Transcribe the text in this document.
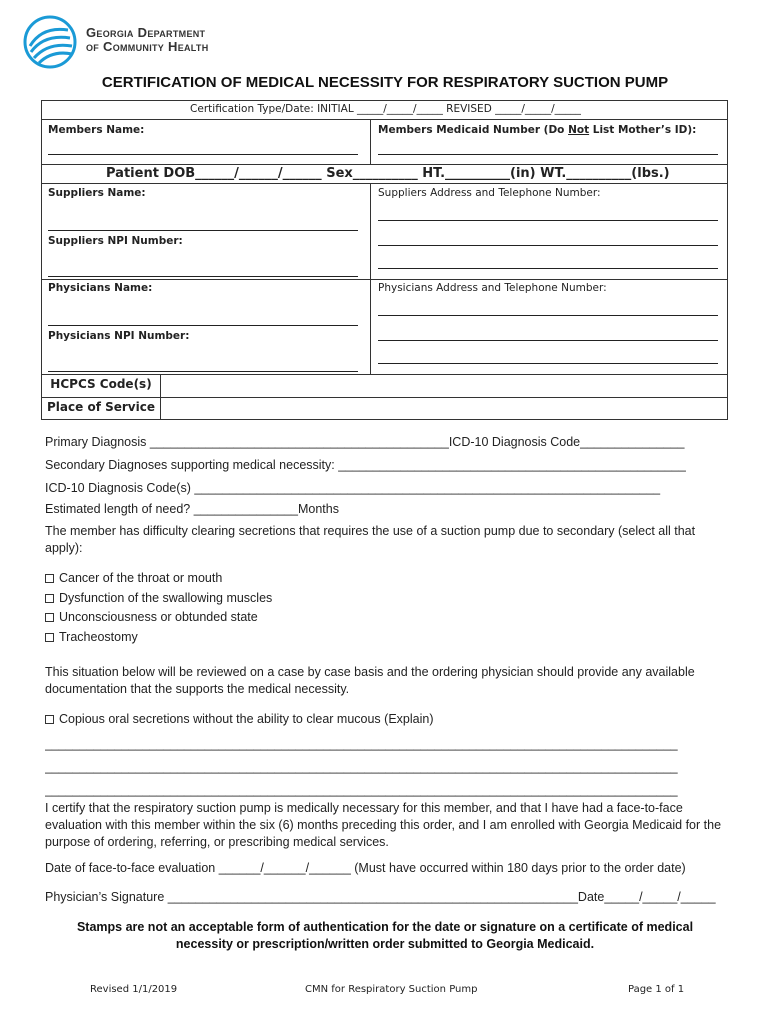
Georgia Department
of Community Health
CERTIFICATION OF MEDICAL NECESSITY FOR RESPIRATORY SUCTION PUMP
Certification Type/Date: INITIAL _____/_____/_____ REVISED _____/_____/_____
Members Name:	Members Medicaid Number (Do Not List Mother’s ID):
Patient DOB______/______/______ Sex__________ HT.__________(in) WT.__________(lbs.)
Suppliers Name:	Suppliers Address and Telephone Number:
Suppliers NPI Number:
Physicians Name:	Physicians Address and Telephone Number:
Physicians NPI Number:
HCPCS Code(s)
Place of Service
Primary Diagnosis ___________________________________________ICD-10 Diagnosis Code_______________
Secondary Diagnoses supporting medical necessity: __________________________________________________
ICD-10 Diagnosis Code(s) ___________________________________________________________________
Estimated length of need? _______________Months
The member has difficulty clearing secretions that requires the use of a suction pump due to secondary (select all that apply):
Cancer of the throat or mouth
Dysfunction of the swallowing muscles
Unconsciousness or obtunded state
Tracheostomy
This situation below will be reviewed on a case by case basis and the ordering physician should provide any available documentation that the supports the medical necessity.
Copious oral secretions without the ability to clear mucous (Explain)
___________________________________________________________________________________________
___________________________________________________________________________________________
___________________________________________________________________________________________
I certify that the respiratory suction pump is medically necessary for this member, and that I have had a face-to-face evaluation with this member within the six (6) months preceding this order, and I am enrolled with Georgia Medicaid for the purpose of ordering, referring, or prescribing medical services.
Date of face-to-face evaluation ______/______/______ (Must have occurred within 180 days prior to the order date)
Physician’s Signature ___________________________________________________________Date_____/_____/_____
Stamps are not an acceptable form of authentication for the date or signature on a certificate of medical necessity or prescription/written order submitted to Georgia Medicaid.
Revised 1/1/2019	CMN for Respiratory Suction Pump	Page 1 of 1
